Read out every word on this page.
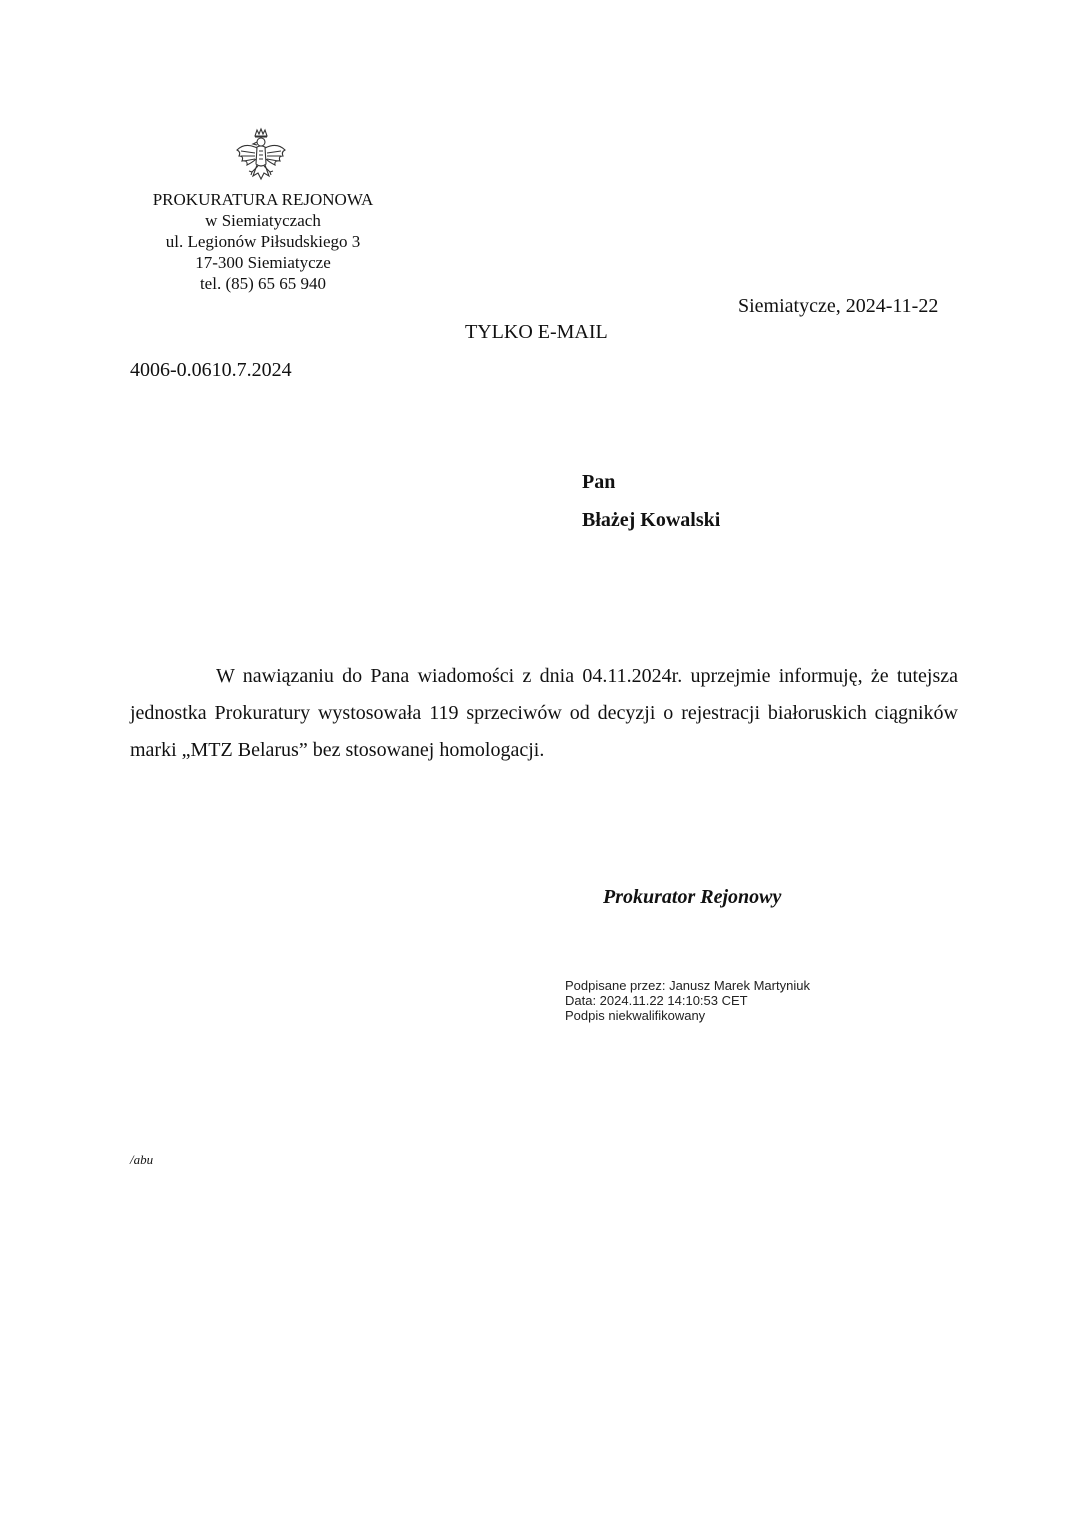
PROKURATURA REJONOWA
w Siemiatyczach
ul. Legionów Piłsudskiego 3
17-300 Siemiatycze
tel. (85) 65 65 940
Siemiatycze, 2024-11-22
TYLKO E-MAIL
4006-0.0610.7.2024
Pan
Błażej Kowalski

W nawiązaniu do Pana wiadomości z dnia 04.11.2024r. uprzejmie informuję, że tutejsza jednostka Prokuratury wystosowała 119 sprzeciwów od decyzji o rejestracji białoruskich ciągników marki „MTZ Belarus” bez stosowanej homologacji.

Prokurator Rejonowy
Podpisane przez: Janusz Marek Martyniuk
Data: 2024.11.22 14:10:53 CET
Podpis niekwalifikowany
/abu
